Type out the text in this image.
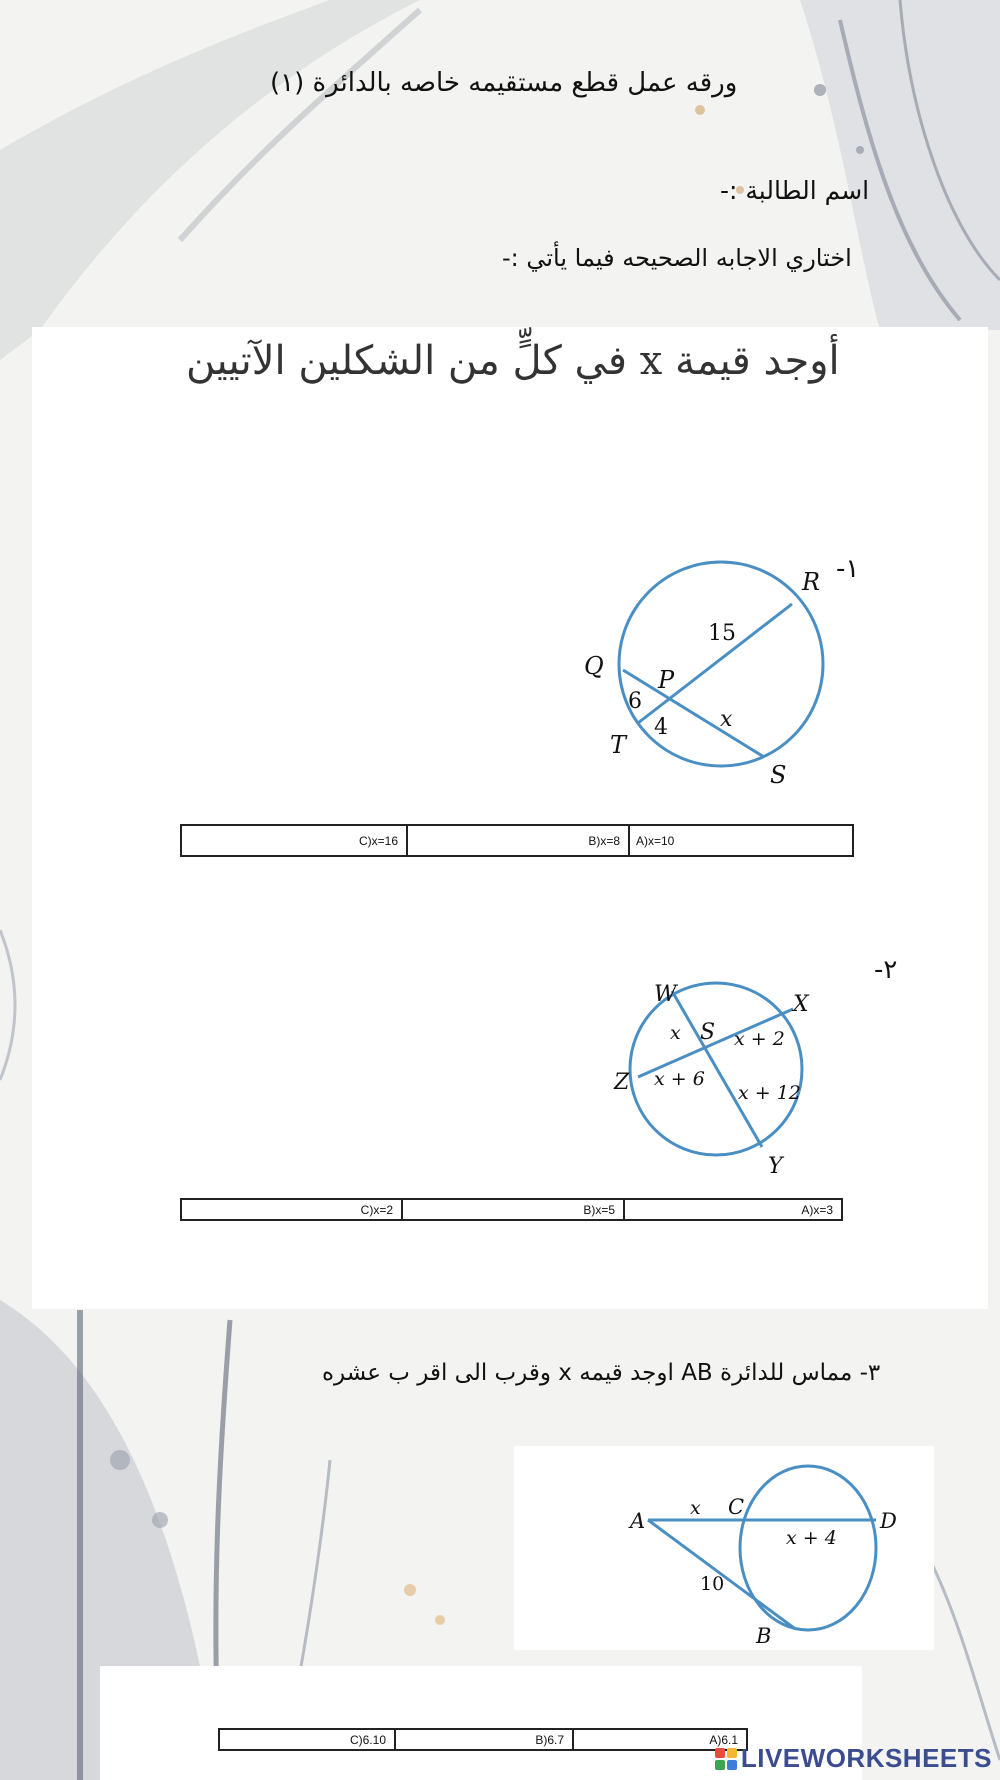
ورقه عمل قطع مستقيمه خاصه بالدائرة (١)
اسم الطالبة :-
اختاري الاجابه الصحيحه فيما يأتي :-
أوجد قيمة x في كلٍّ من الشكلين الآتيين
١-
R
Q P
T
S
15
6
4 x
C)x=16	B)x=8	A)x=10
٢-
W	X
S
Z
Y
x	x + 2
x + 6
x + 12
C)x=2	B)x=5	A)x=3
٣- مماس للدائرة AB اوجد قيمه x وقرب الى اقر ب عشره
A
C
D
B
x
x + 4
10
C)6.10	B)6.7	A)6.1
LIVEWORKSHEETS
